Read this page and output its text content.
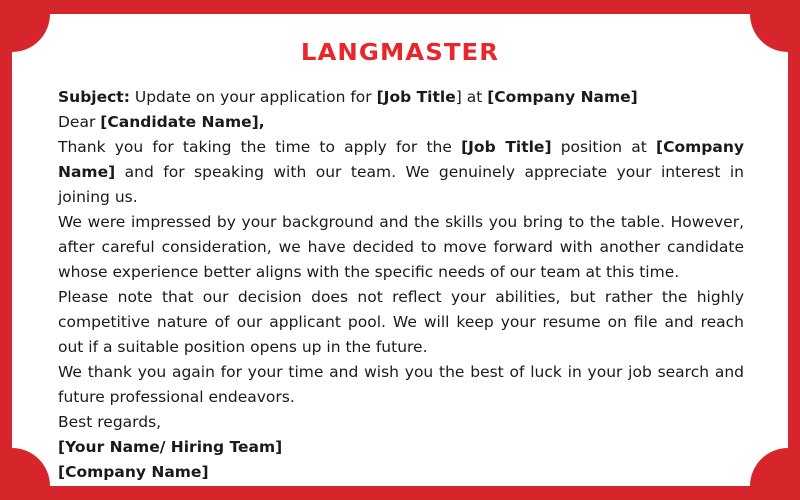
LANGMASTER

Subject: Update on your application for [Job Title] at [Company Name]

Dear [Candidate Name],

Thank you for taking the time to apply for the [Job Title] position at [Company Name] and for speaking with our team. We genuinely appreciate your interest in joining us.

We were impressed by your background and the skills you bring to the table. However, after careful consideration, we have decided to move forward with another candidate whose experience better aligns with the specific needs of our team at this time.

Please note that our decision does not reflect your abilities, but rather the highly competitive nature of our applicant pool. We will keep your resume on file and reach out if a suitable position opens up in the future.

We thank you again for your time and wish you the best of luck in your job search and future professional endeavors.

Best regards,

[Your Name/ Hiring Team]

[Company Name]
